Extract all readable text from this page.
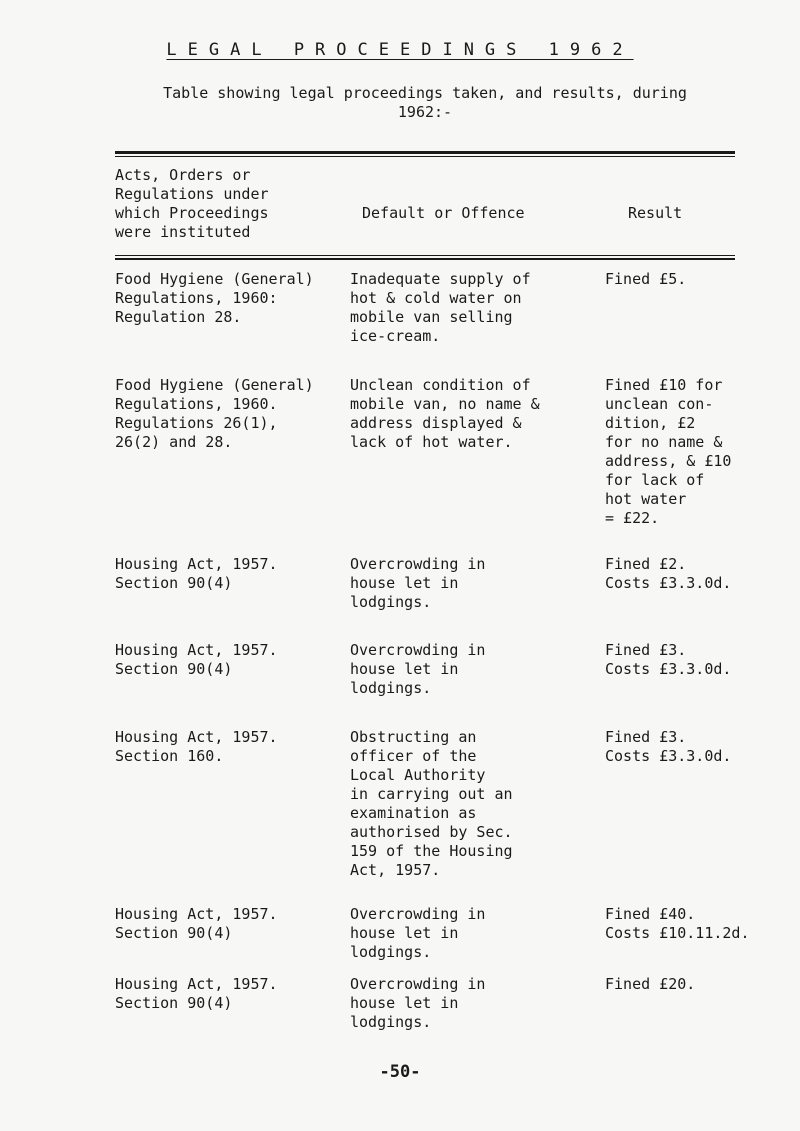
LEGAL PROCEEDINGS 1962
Table showing legal proceedings taken, and results, during
1962:-
Acts, Orders or
Regulations under
which Proceedings
were instituted
Default or Offence	Result
Food Hygiene (General)
Regulations, 1960:
Regulation 28.
Inadequate supply of
hot & cold water on
mobile van selling
ice-cream.
Fined £5.
Food Hygiene (General)
Regulations, 1960.
Regulations 26(1),
26(2) and 28.
Unclean condition of
mobile van, no name &
address displayed &
lack of hot water.
Fined £10 for
unclean con-
dition, £2
for no name &
address, & £10
for lack of
hot water
= £22.
Housing Act, 1957.
Section 90(4)
Overcrowding in
house let in
lodgings.
Fined £2.
Costs £3.3.0d.
Housing Act, 1957.
Section 90(4)
Overcrowding in
house let in
lodgings.
Fined £3.
Costs £3.3.0d.
Housing Act, 1957.
Section 160.
Obstructing an
officer of the
Local Authority
in carrying out an
examination as
authorised by Sec.
159 of the Housing
Act, 1957.
Fined £3.
Costs £3.3.0d.
Housing Act, 1957.
Section 90(4)
Overcrowding in
house let in
lodgings.
Fined £40.
Costs £10.11.2d.
Housing Act, 1957.
Section 90(4)
Overcrowding in
house let in
lodgings.
Fined £20.
-50-
